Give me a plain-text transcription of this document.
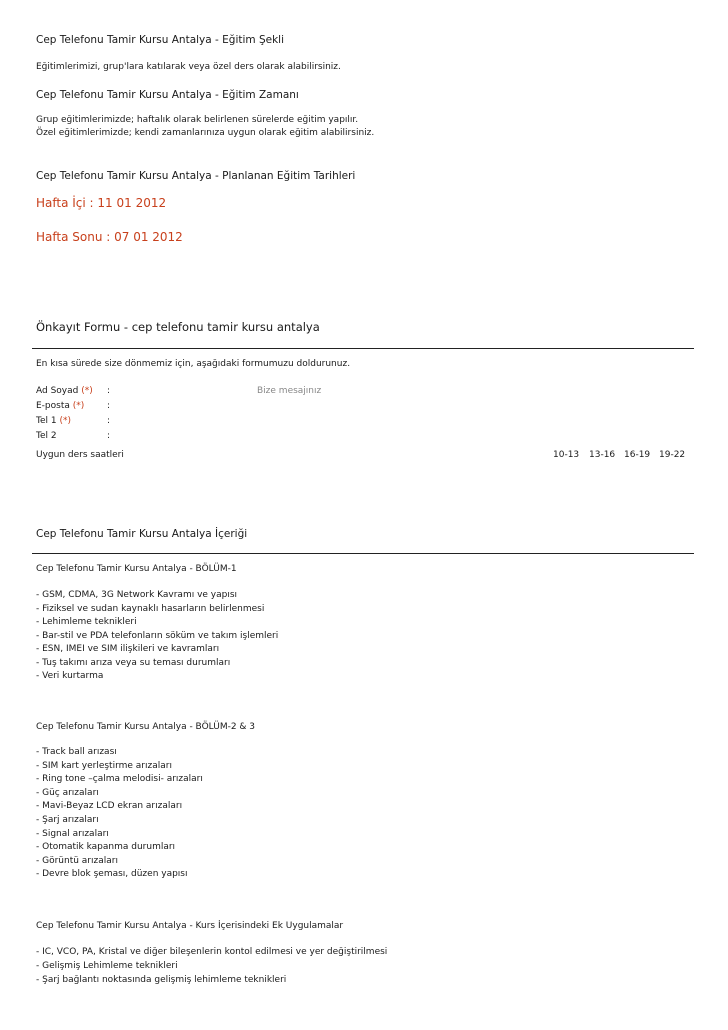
Cep Telefonu Tamir Kursu Antalya - Eğitim Şekli
Eğitimlerimizi, grup'lara katılarak veya özel ders olarak alabilirsiniz.
Cep Telefonu Tamir Kursu Antalya - Eğitim Zamanı
Grup eğitimlerimizde; haftalık olarak belirlenen sürelerde eğitim yapılır.
Özel eğitimlerimizde; kendi zamanlarınıza uygun olarak eğitim alabilirsiniz.
Cep Telefonu Tamir Kursu Antalya - Planlanan Eğitim Tarihleri
Hafta İçi : 11 01 2012
Hafta Sonu : 07 01 2012
Önkayıt Formu - cep telefonu tamir kursu antalya
En kısa sürede size dönmemiz için, aşağıdaki formumuzu doldurunuz.
Ad Soyad (*) :	Bize mesajınız
E-posta (*)	:
Tel 1 (*)	:
Tel 2	:
Uygun ders saatleri	10-13 13-16 16-19 19-22
Cep Telefonu Tamir Kursu Antalya İçeriği
Cep Telefonu Tamir Kursu Antalya - BÖLÜM-1
- GSM, CDMA, 3G Network Kavramı ve yapısı
- Fiziksel ve sudan kaynaklı hasarların belirlenmesi
- Lehimleme teknikleri
- Bar-stil ve PDA telefonların söküm ve takım işlemleri
- ESN, IMEI ve SIM ilişkileri ve kavramları
- Tuş takımı arıza veya su teması durumları
- Veri kurtarma
Cep Telefonu Tamir Kursu Antalya - BÖLÜM-2 & 3
- Track ball arızası
- SIM kart yerleştirme arızaları
- Ring tone –çalma melodisi- arızaları
- Güç arızaları
- Mavi-Beyaz LCD ekran arızaları
- Şarj arızaları
- Signal arızaları
- Otomatik kapanma durumları
- Görüntü arızaları
- Devre blok şeması, düzen yapısı
Cep Telefonu Tamir Kursu Antalya - Kurs İçerisindeki Ek Uygulamalar
- IC, VCO, PA, Kristal ve diğer bileşenlerin kontol edilmesi ve yer değiştirilmesi
- Gelişmiş Lehimleme teknikleri
- Şarj bağlantı noktasında gelişmiş lehimleme teknikleri
